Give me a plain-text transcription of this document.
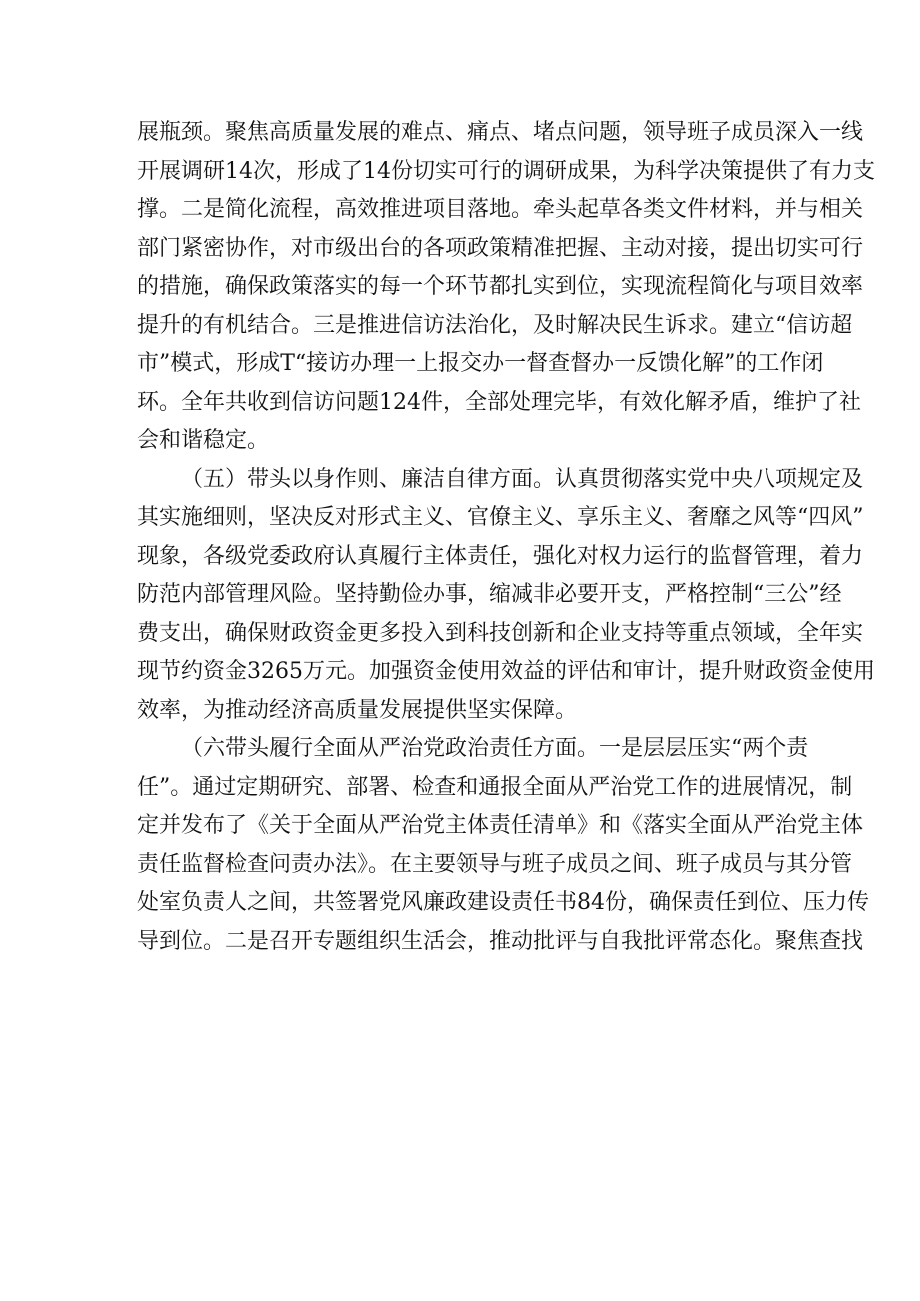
展瓶颈。聚焦高质量发展的难点、痛点、堵点问题，领导班子成员深入一线
开展调研14次，形成了14份切实可行的调研成果，为科学决策提供了有力支
撑。二是简化流程，高效推进项目落地。牵头起草各类文件材料，并与相关
部门紧密协作，对市级出台的各项政策精准把握、主动对接，提出切实可行
的措施，确保政策落实的每一个环节都扎实到位，实现流程简化与项目效率
提升的有机结合。三是推进信访法治化，及时解决民生诉求。建立“信访超
市”模式，形成T“接访办理一上报交办一督查督办一反馈化解”的工作闭
环。全年共收到信访问题124件，全部处理完毕，有效化解矛盾，维护了社
会和谐稳定。
（五）带头以身作则、廉洁自律方面。认真贯彻落实党中央八项规定及
其实施细则，坚决反对形式主义、官僚主义、享乐主义、奢靡之风等“四风”
现象，各级党委政府认真履行主体责任，强化对权力运行的监督管理，着力
防范内部管理风险。坚持勤俭办事，缩减非必要开支，严格控制“三公”经
费支出，确保财政资金更多投入到科技创新和企业支持等重点领域，全年实
现节约资金3265万元。加强资金使用效益的评估和审计，提升财政资金使用
效率，为推动经济高质量发展提供坚实保障。
（六带头履行全面从严治党政治责任方面。一是层层压实“两个责
任”。通过定期研究、部署、检查和通报全面从严治党工作的进展情况，制
定并发布了《关于全面从严治党主体责任清单》和《落实全面从严治党主体
责任监督检查问责办法》。在主要领导与班子成员之间、班子成员与其分管
处室负责人之间，共签署党风廉政建设责任书84份，确保责任到位、压力传
导到位。二是召开专题组织生活会，推动批评与自我批评常态化。聚焦查找
